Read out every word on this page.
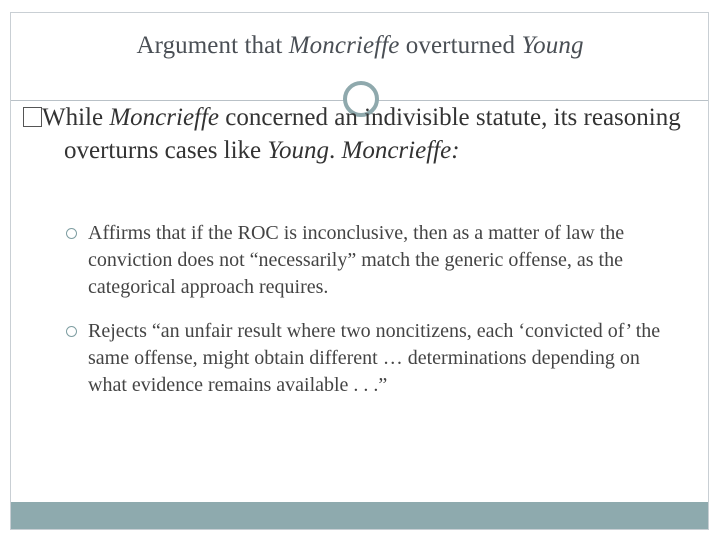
Argument that Moncrieffe overturned Young
While Moncrieffe concerned an indivisible statute, its reasoning overturns cases like Young. Moncrieffe:
Affirms that if the ROC is inconclusive, then as a matter of law the conviction does not “necessarily” match the generic offense, as the categorical approach requires.
Rejects “an unfair result where two noncitizens, each ‘convicted of’ the same offense, might obtain different … determinations depending on what evidence remains available . . .”
